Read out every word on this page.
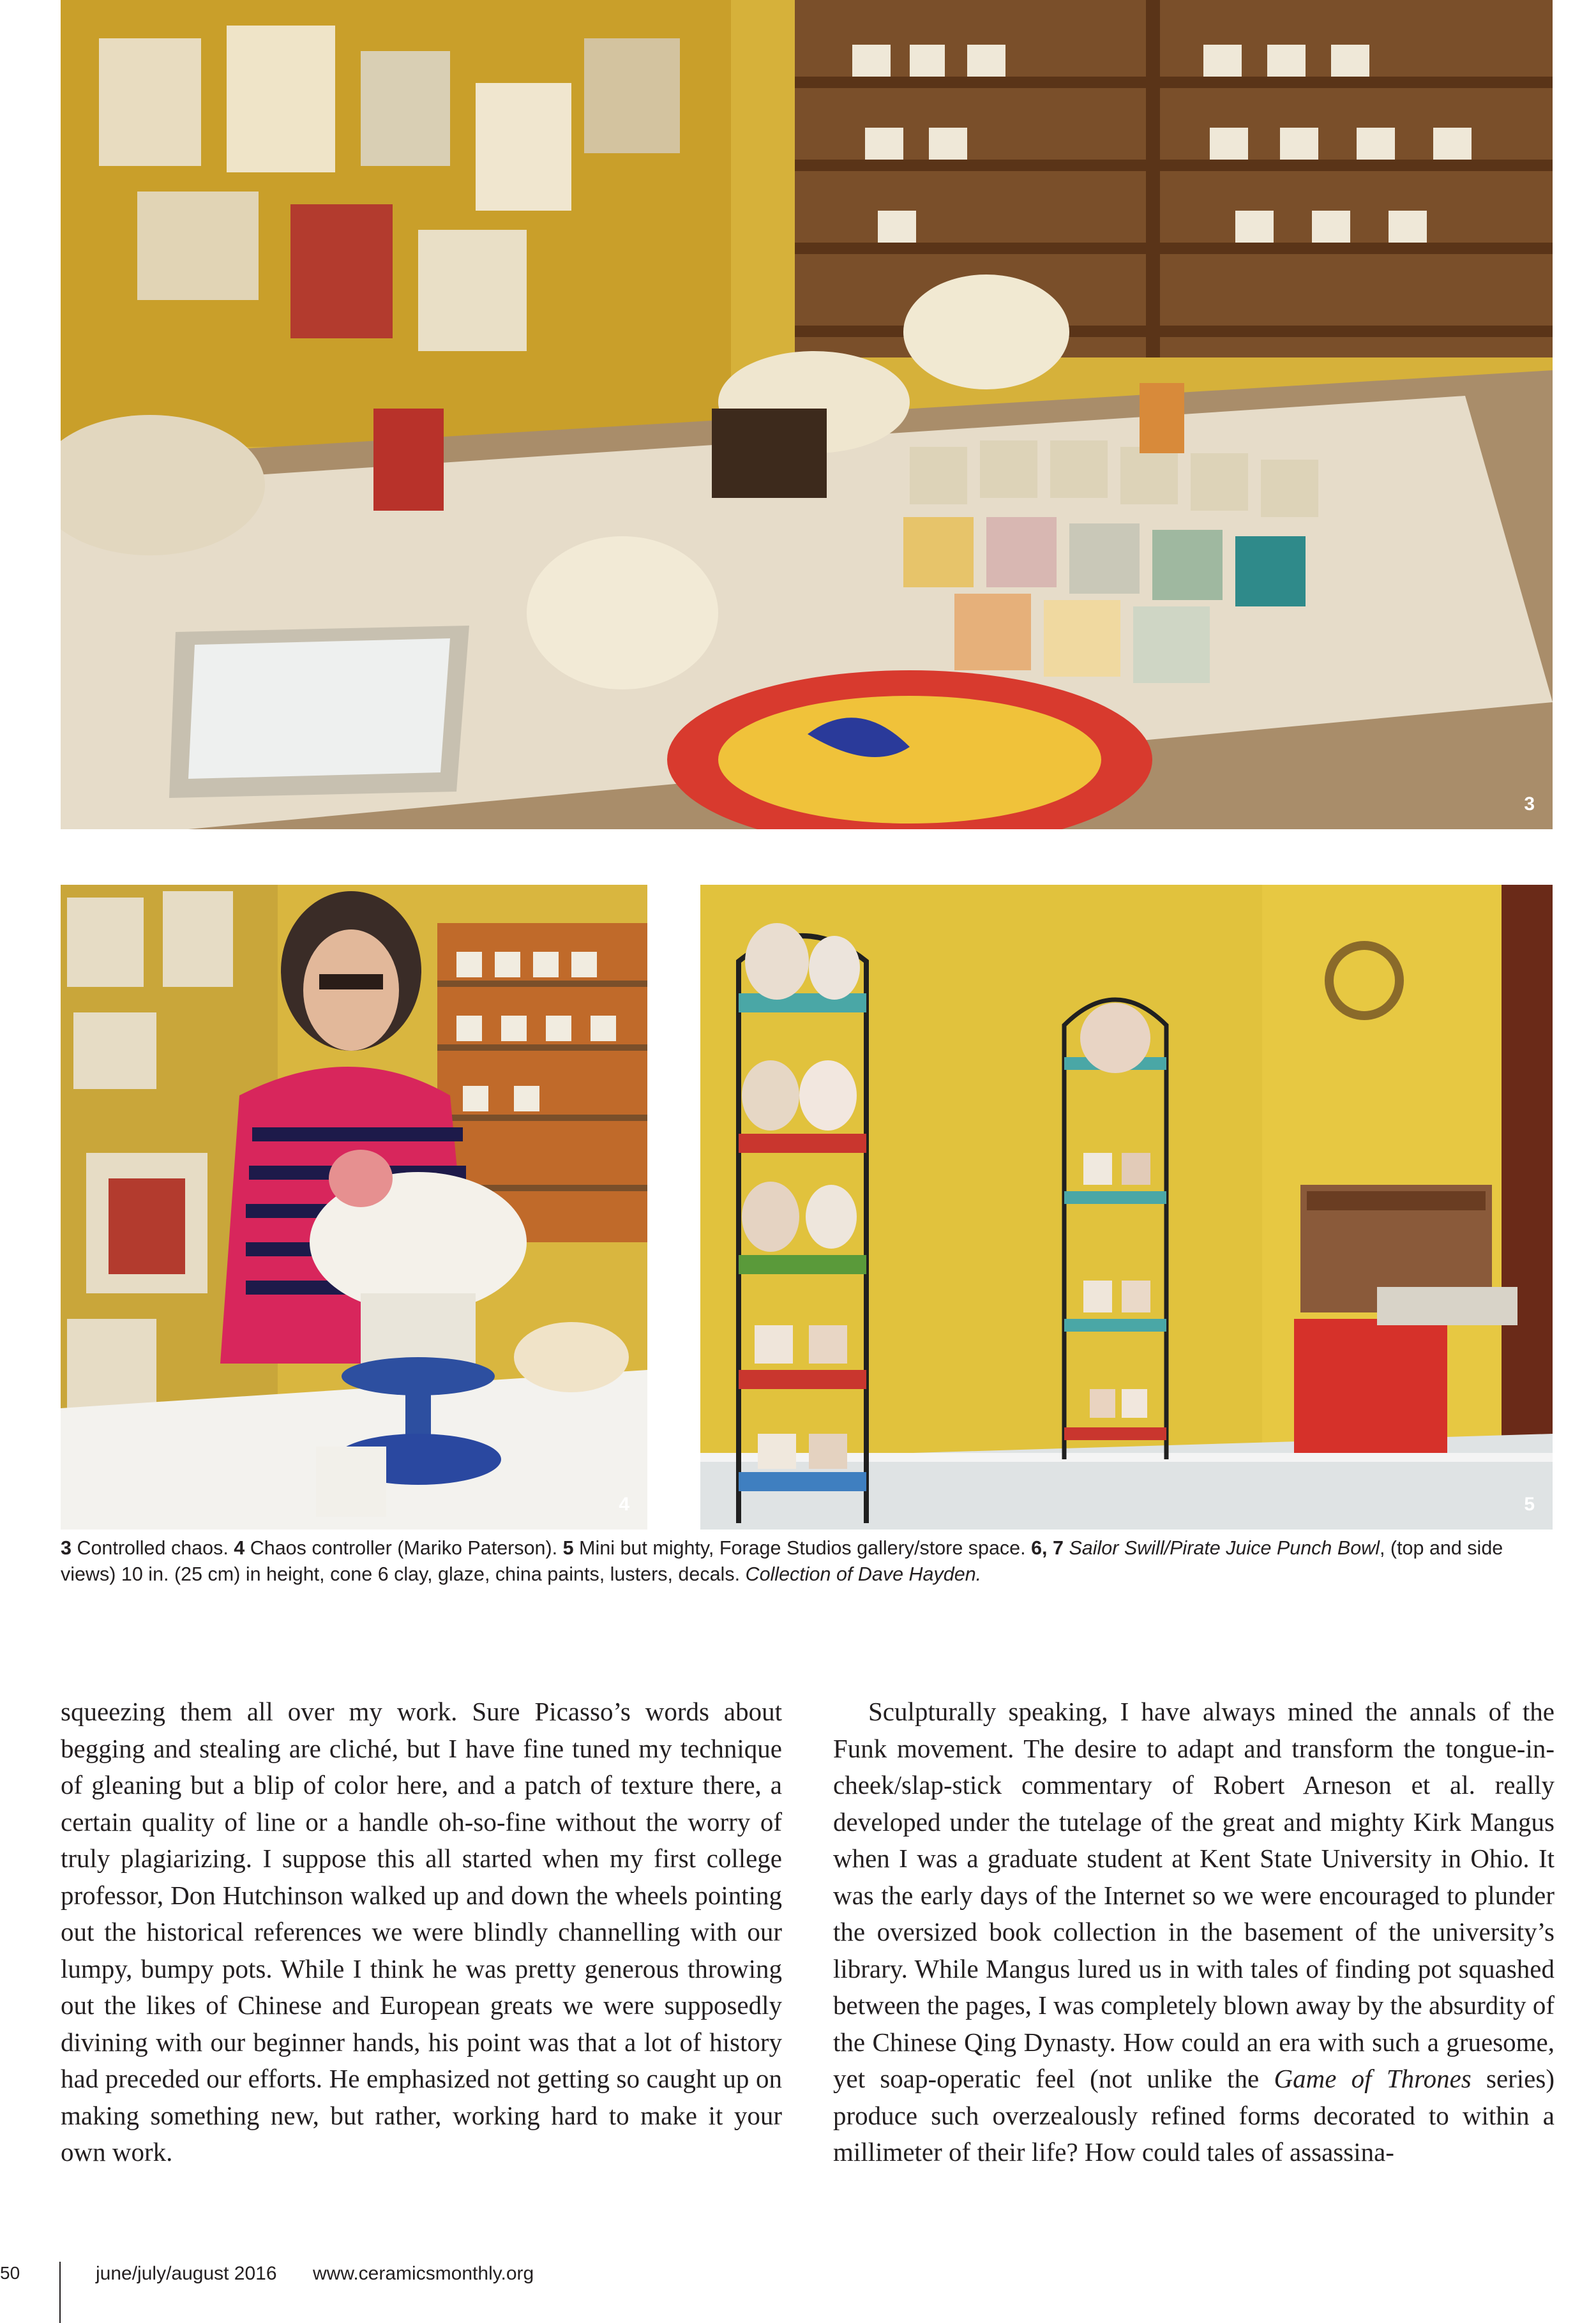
3
4	5
3 Controlled chaos. 4 Chaos controller (Mariko Paterson). 5 Mini but mighty, Forage Studios gallery/store space. 6, 7 Sailor Swill/Pirate Juice Punch Bowl, (top and side views) 10 in. (25 cm) in height, cone 6 clay, glaze, china paints, lusters, decals. Collection of Dave Hayden.

squeezing them all over my work. Sure Picasso’s words about begging and stealing are cliché, but I have fine tuned my technique of gleaning but a blip of color here, and a patch of texture there, a certain quality of line or a handle oh-so-fine without the worry of truly plagiarizing. I suppose this all started when my first college professor, Don Hutchinson walked up and down the wheels pointing out the historical references we were blindly channelling with our lumpy, bumpy pots. While I think he was pretty generous throwing out the likes of Chinese and European greats we were supposedly divining with our beginner hands, his point was that a lot of history had preceded our efforts. He emphasized not getting so caught up on making something new, but rather, working hard to make it your own work.

Sculpturally speaking, I have always mined the annals of the Funk movement. The desire to adapt and transform the tongue-in-cheek/slap-stick commentary of Robert Arneson et al. really developed under the tutelage of the great and mighty Kirk Mangus when I was a graduate student at Kent State University in Ohio. It was the early days of the Internet so we were encouraged to plunder the oversized book collection in the basement of the university’s library. While Mangus lured us in with tales of finding pot squashed between the pages, I was completely blown away by the absurdity of the Chinese Qing Dynasty. How could an era with such a gruesome, yet soap-operatic feel (not unlike the Game of Thrones series) produce such overzealously refined forms decorated to within a millimeter of their life? How could tales of assassina-

50	june/july/august 2016 www.ceramicsmonthly.org
